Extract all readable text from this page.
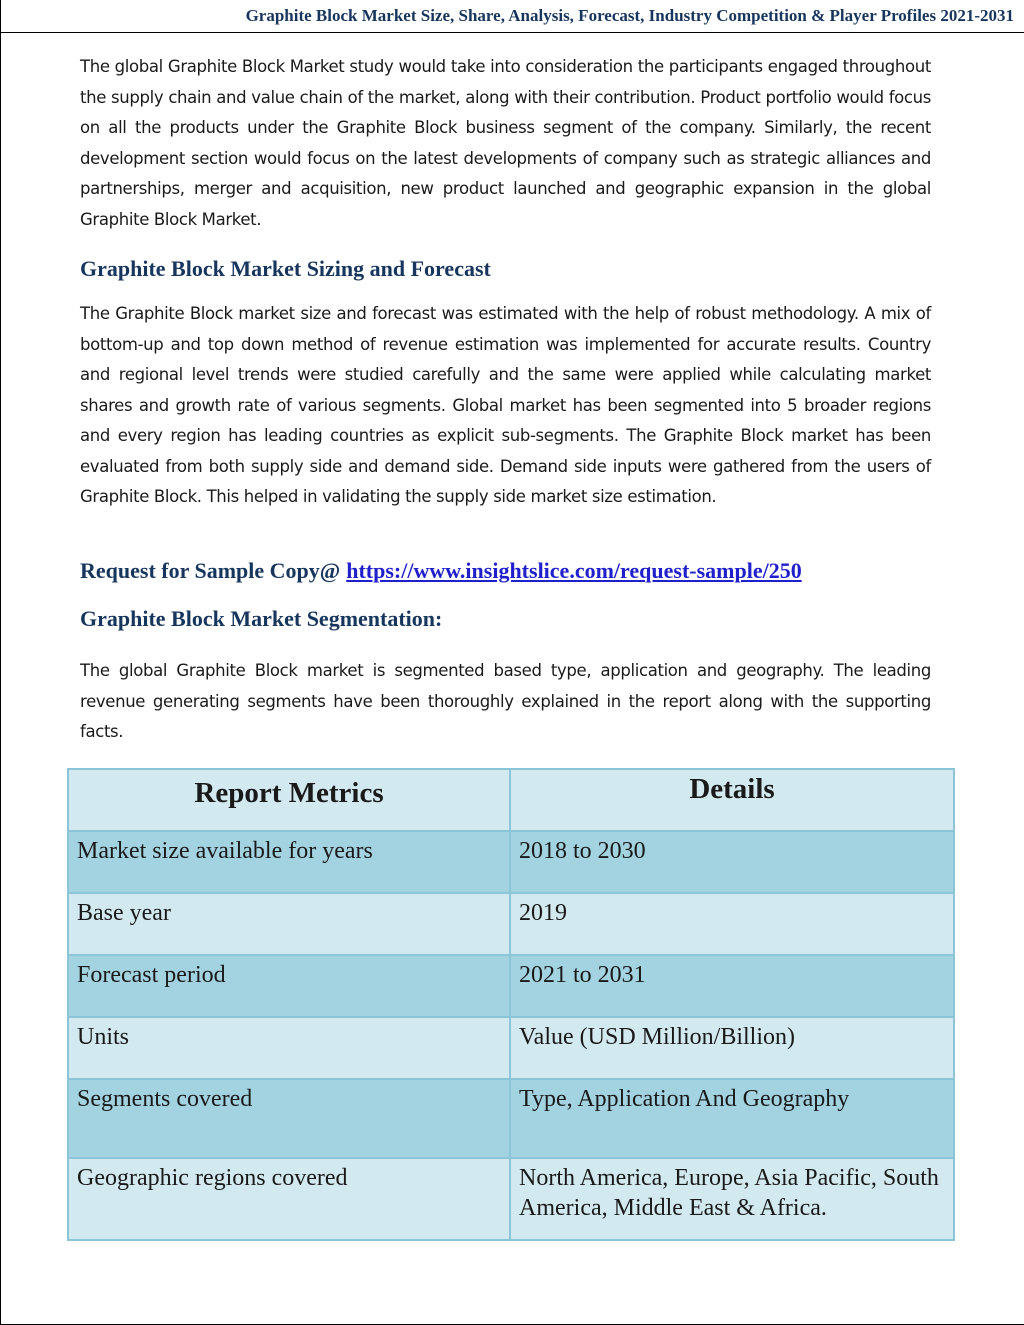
Graphite Block Market Size, Share, Analysis, Forecast, Industry Competition & Player Profiles 2021-2031

The global Graphite Block Market study would take into consideration the participants engaged throughout the supply chain and value chain of the market, along with their contribution. Product portfolio would focus on all the products under the Graphite Block business segment of the company. Similarly, the recent development section would focus on the latest developments of company such as strategic alliances and partnerships, merger and acquisition, new product launched and geographic expansion in the global Graphite Block Market.

Graphite Block Market Sizing and Forecast

The Graphite Block market size and forecast was estimated with the help of robust methodology. A mix of bottom-up and top down method of revenue estimation was implemented for accurate results. Country and regional level trends were studied carefully and the same were applied while calculating market shares and growth rate of various segments. Global market has been segmented into 5 broader regions and every region has leading countries as explicit sub-segments. The Graphite Block market has been evaluated from both supply side and demand side. Demand side inputs were gathered from the users of Graphite Block. This helped in validating the supply side market size estimation.

Request for Sample Copy@ https://www.insightslice.com/request-sample/250
Graphite Block Market Segmentation:

The global Graphite Block market is segmented based type, application and geography. The leading revenue generating segments have been thoroughly explained in the report along with the supporting facts.

Report Metrics	Details
Market size available for years	2018 to 2030
Base year	2019
Forecast period	2021 to 2031
Units	Value (USD Million/Billion)
Segments covered	Type, Application And Geography
Geographic regions covered	North America, Europe, Asia Pacific, South America, Middle East & Africa.
